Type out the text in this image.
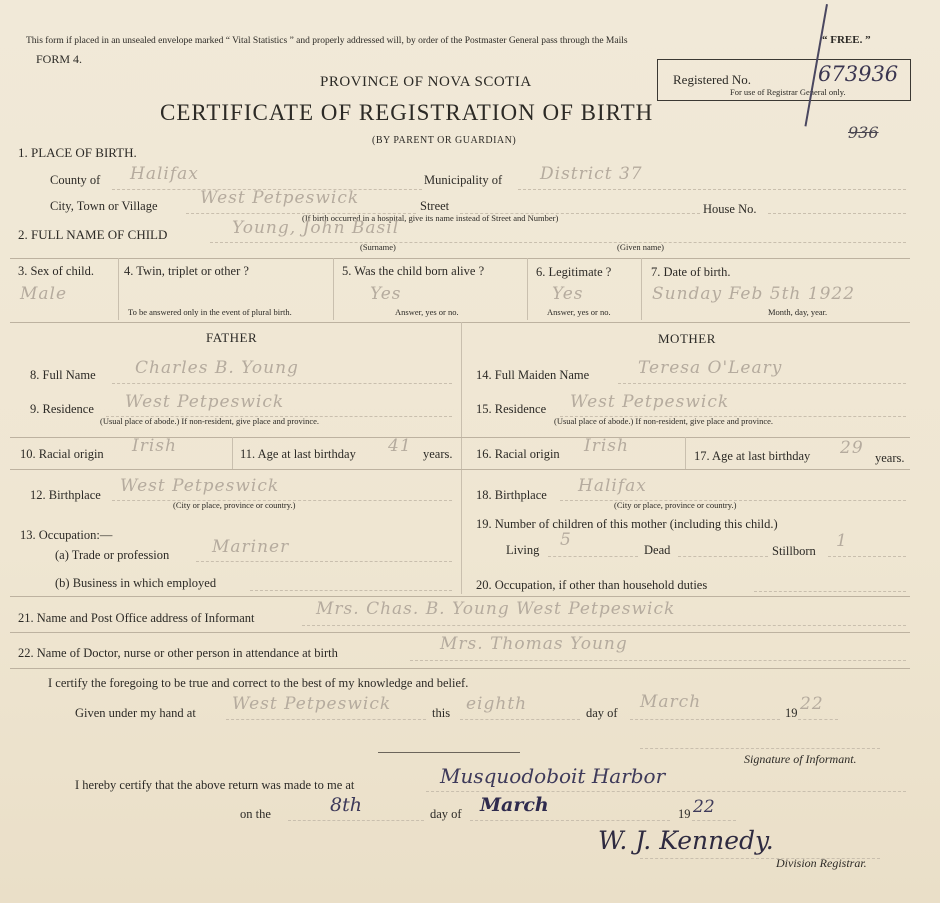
This form if placed in an unsealed envelope marked “ Vital Statistics ” and properly addressed will, by order of the Postmaster General pass through the Mails	“ FREE. ”
FORM 4.
PROVINCE OF NOVA SCOTIA
CERTIFICATE OF REGISTRATION OF BIRTH
(BY PARENT OR GUARDIAN)
Registered No.	673936
For use of Registrar General only.
936
1. PLACE OF BIRTH.
County of Halifax	Municipality of District 37
City, Town or Village West Petpeswick	Street	House No.
(If birth occurred in a hospital, give its name instead of Street and Number)
2. FULL NAME OF CHILD	Young, John Basil
(Surname)	(Given name)
3. Sex of child.
Male
4. Twin, triplet or other ?
To be answered only in the event of plural birth.
5. Was the child born alive ?
Yes
Answer, yes or no.
6. Legitimate ?
Yes
Answer, yes or no.
7. Date of birth.
Sunday Feb 5th 1922
Month, day, year.
FATHER
8. Full Name Charles B. Young
9. Residence West Petpeswick
(Usual place of abode.) If non-resident, give place and province.
10. Racial origin Irish	11. Age at last birthday 41 years.
12. Birthplace West Petpeswick
(City or place, province or country.)
13. Occupation:—
(a) Trade or profession	Mariner
(b) Business in which employed
MOTHER
14. Full Maiden Name	Teresa O'Leary
15. Residence West Petpeswick
(Usual place of abode.) If non-resident, give place and province.
16. Racial origin Irish	17. Age at last birthday 29 years.
18. Birthplace Halifax
(City or place, province or country.)
19. Number of children of this mother (including this child.)
Living 5	Dead	Stillborn 1
20. Occupation, if other than household duties
21. Name and Post Office address of Informant	Mrs. Chas. B. Young West Petpeswick
22. Name of Doctor, nurse or other person in attendance at birth	Mrs. Thomas Young
I certify the foregoing to be true and correct to the best of my knowledge and belief.
Given under my hand at West Petpeswick	this eighth	day of
March
19 22
Signature of Informant.
I hereby certify that the above return was made to me at	Musquodoboit Harbor
on the	8th	day of March	19 22
W. J. Kennedy.
Division Registrar.
